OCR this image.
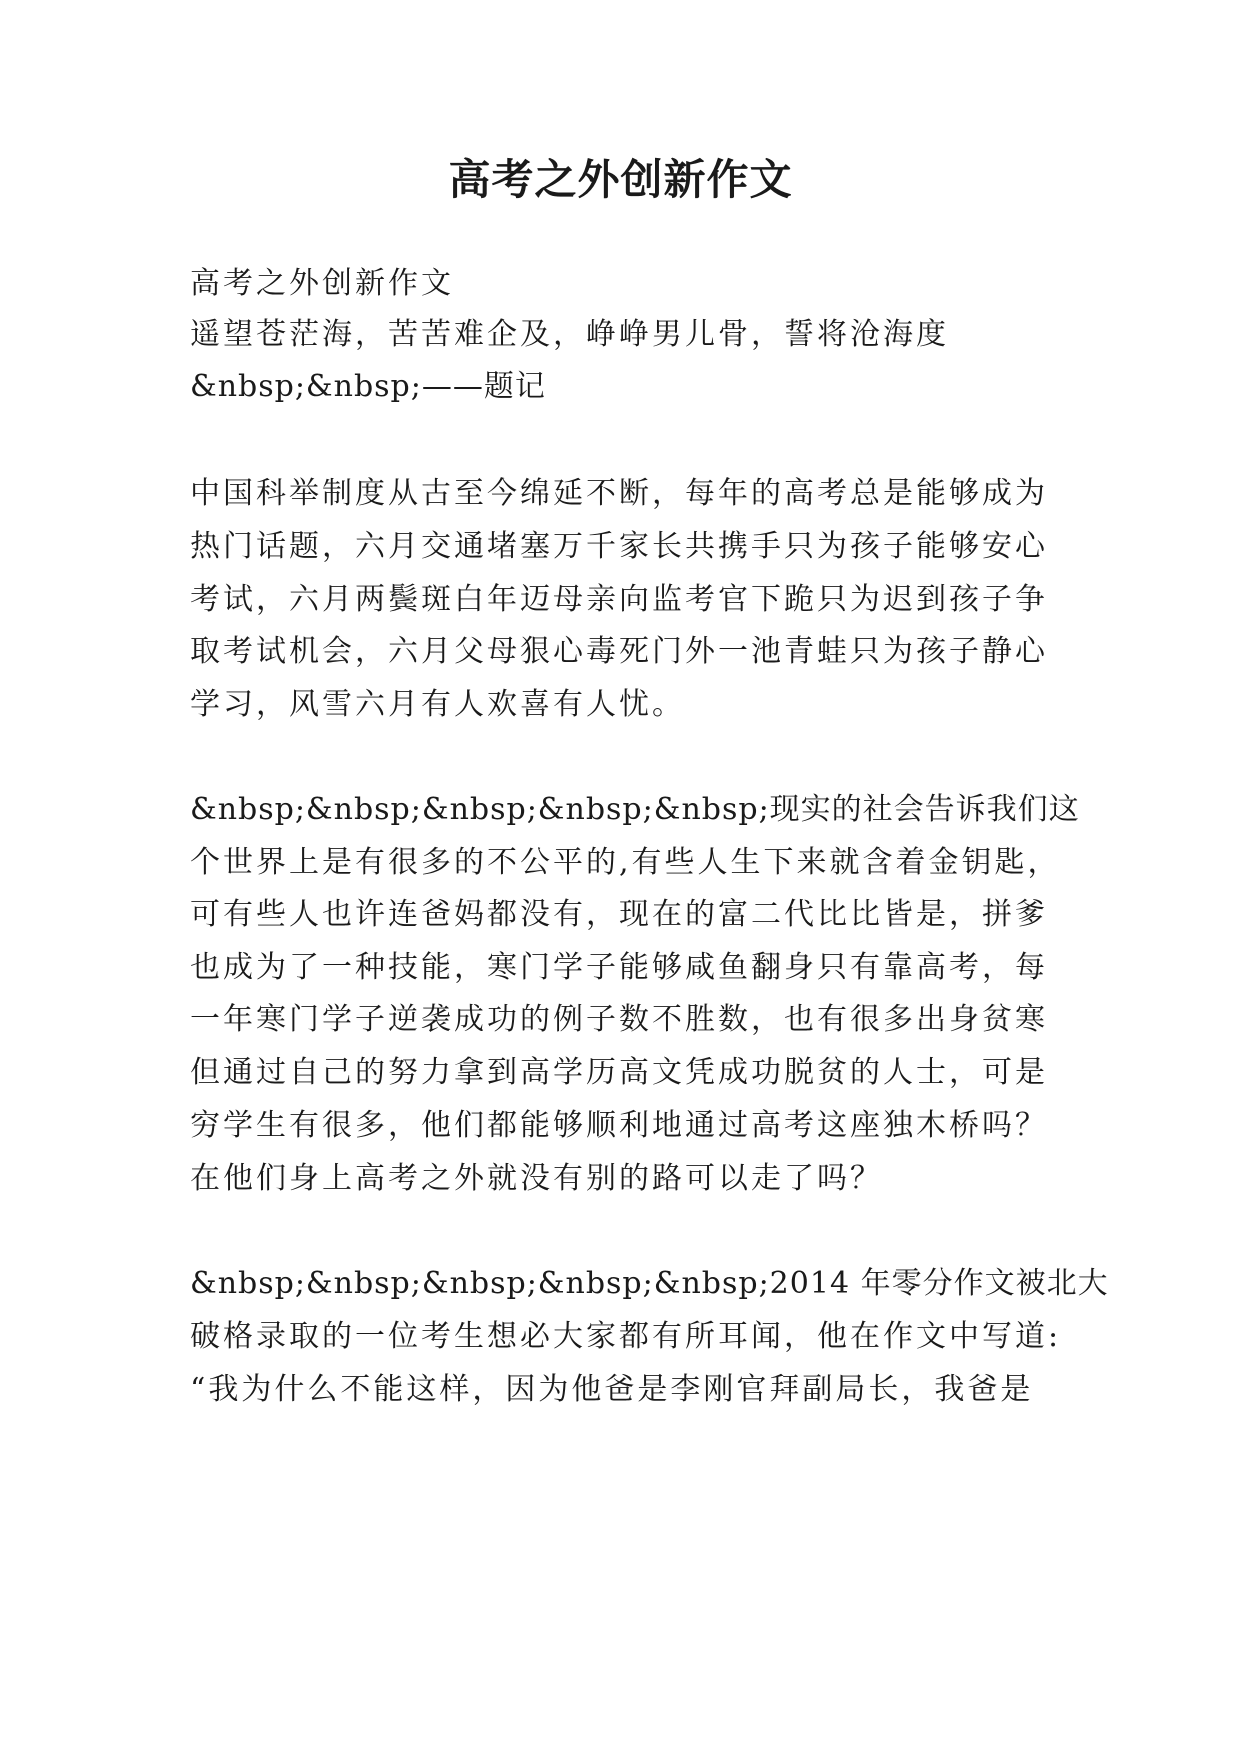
高考之外创新作文
高考之外创新作文
遥望苍茫海，苦苦难企及，峥峥男儿骨，誓将沧海度
&nbsp;&nbsp;——题记
中国科举制度从古至今绵延不断，每年的高考总是能够成为
热门话题，六月交通堵塞万千家长共携手只为孩子能够安心
考试，六月两鬓斑白年迈母亲向监考官下跪只为迟到孩子争
取考试机会，六月父母狠心毒死门外一池青蛙只为孩子静心
学习，风雪六月有人欢喜有人忧。
&nbsp;&nbsp;&nbsp;&nbsp;&nbsp;现实的社会告诉我们这
个世界上是有很多的不公平的,有些人生下来就含着金钥匙，
可有些人也许连爸妈都没有，现在的富二代比比皆是，拼爹
也成为了一种技能，寒门学子能够咸鱼翻身只有靠高考，每
一年寒门学子逆袭成功的例子数不胜数，也有很多出身贫寒
但通过自己的努力拿到高学历高文凭成功脱贫的人士，可是
穷学生有很多，他们都能够顺利地通过高考这座独木桥吗？
在他们身上高考之外就没有别的路可以走了吗？
&nbsp;&nbsp;&nbsp;&nbsp;&nbsp;2014 年零分作文被北大
破格录取的一位考生想必大家都有所耳闻，他在作文中写道:
“我为什么不能这样，因为他爸是李刚官拜副局长，我爸是
